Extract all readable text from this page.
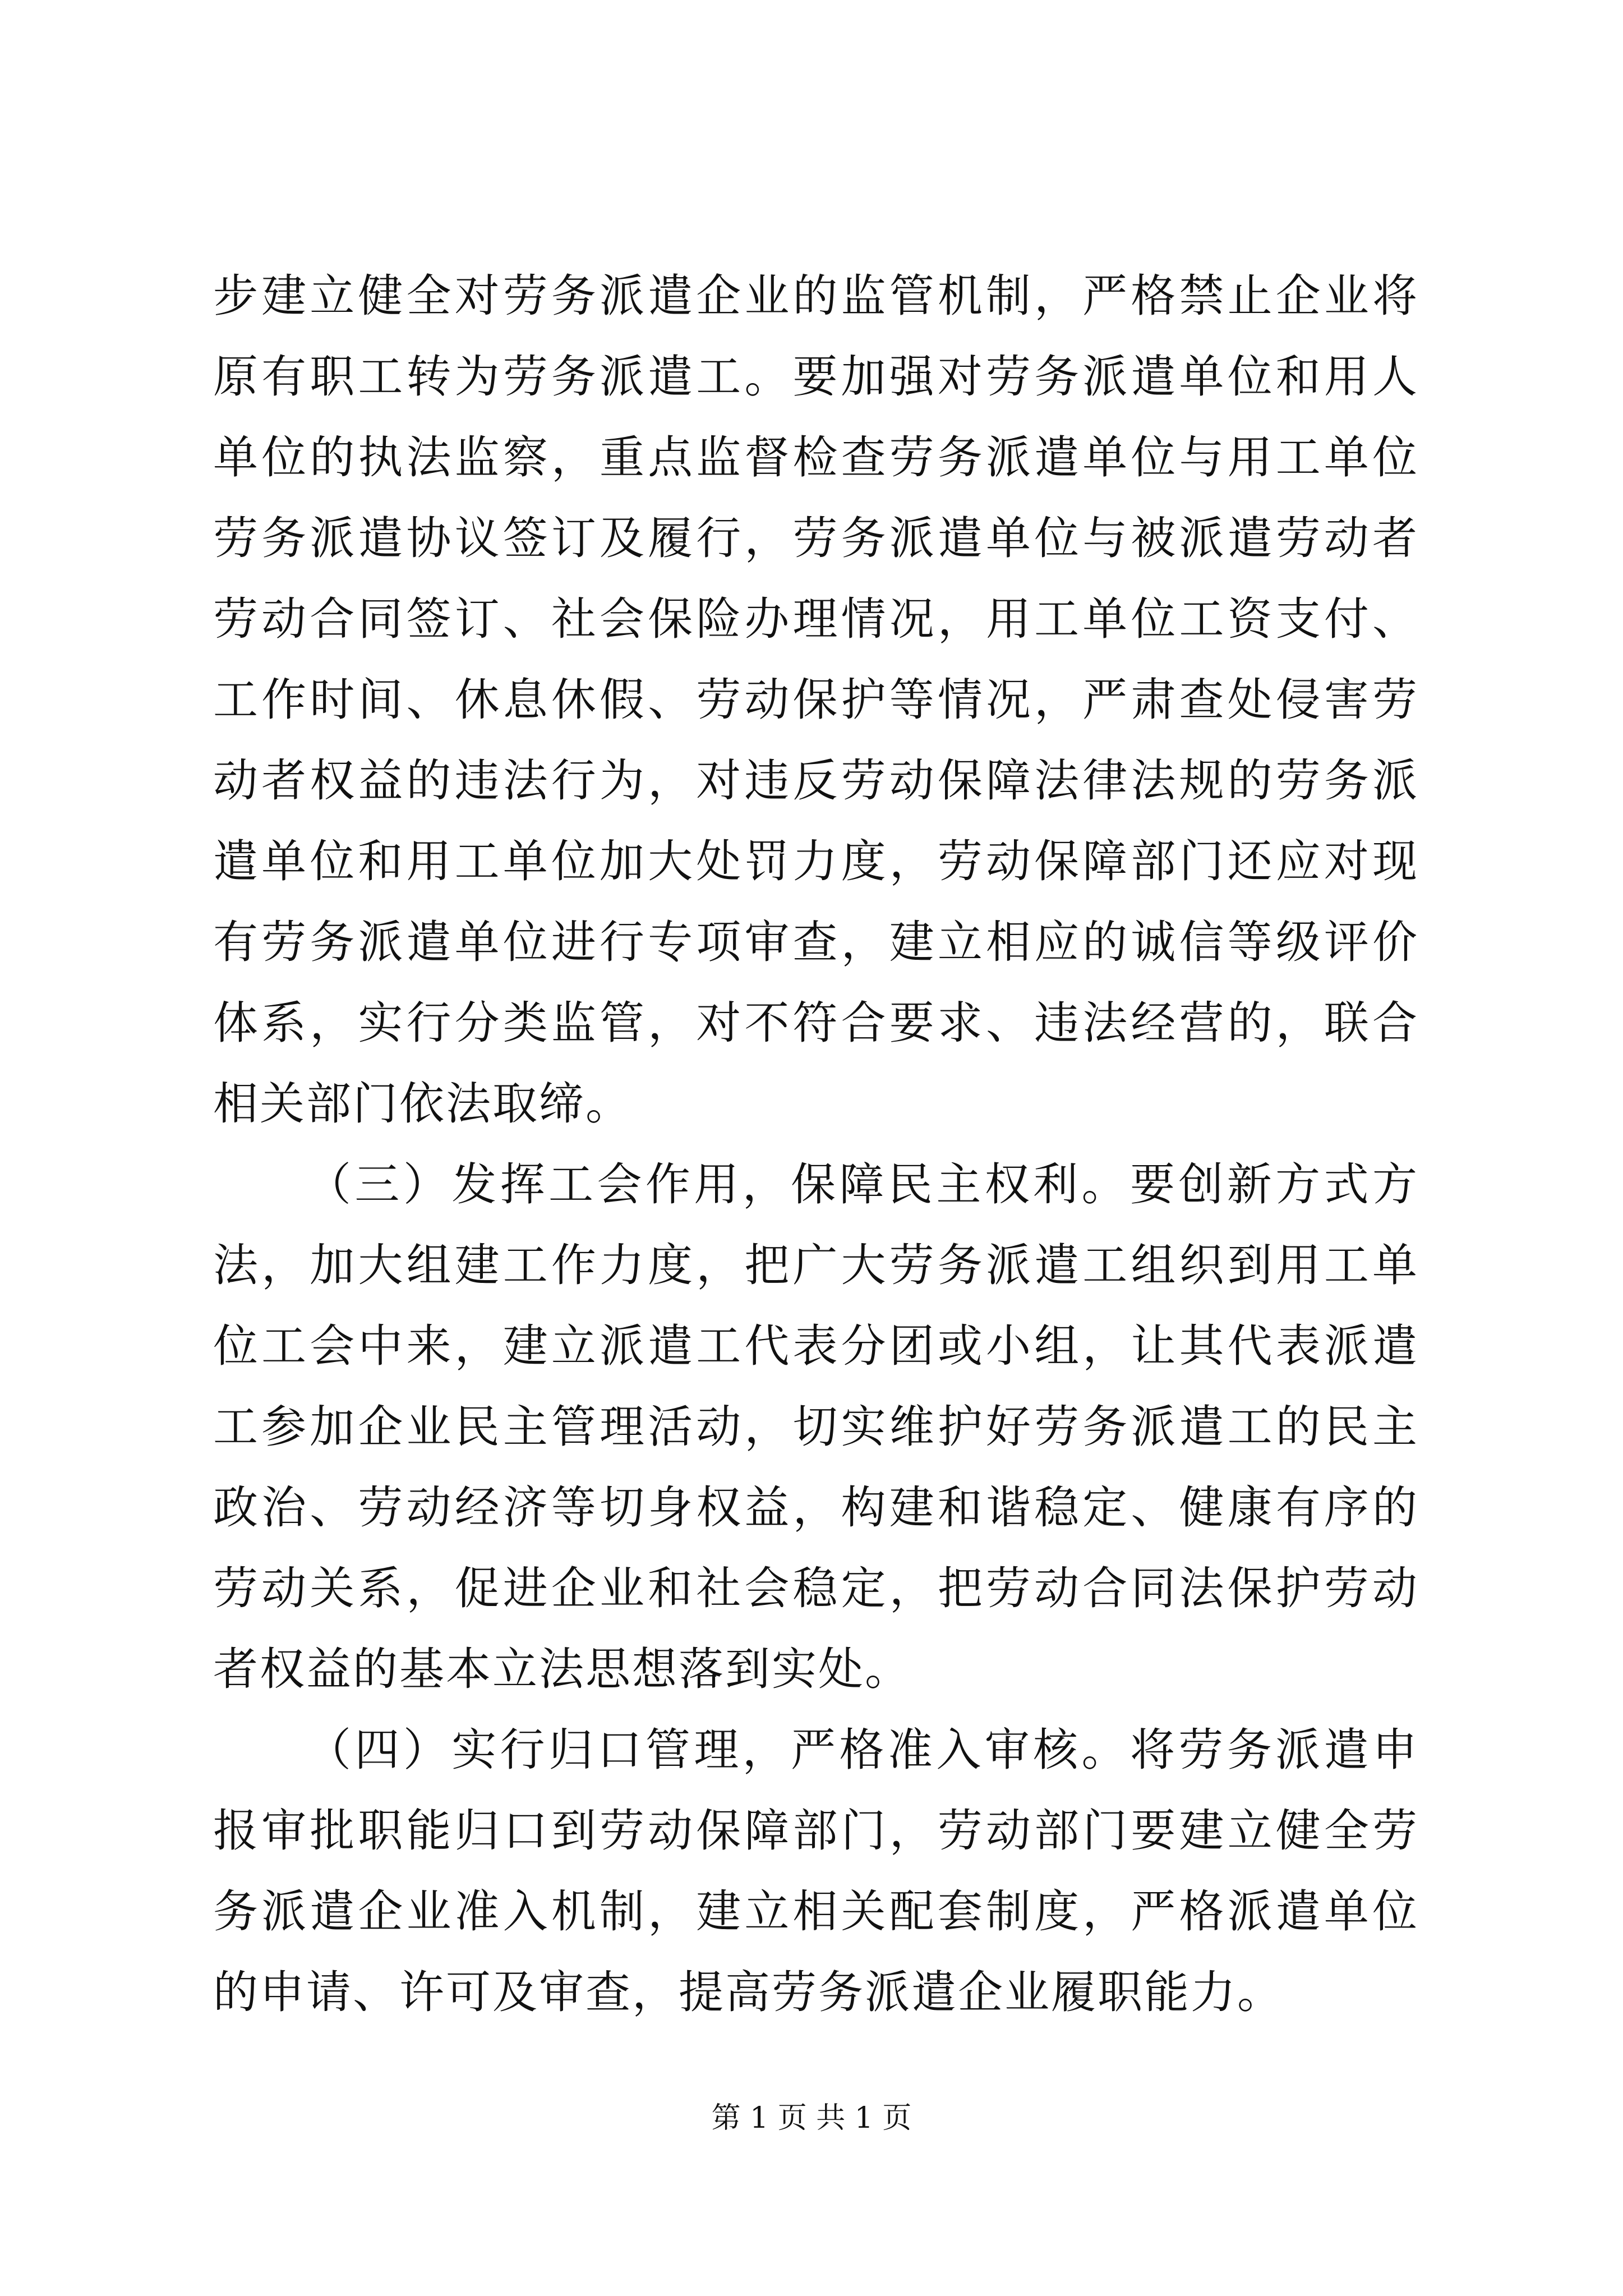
步建立健全对劳务派遣企业的监管机制，严格禁止企业将原有职工转为劳务派遣工。要加强对劳务派遣单位和用人单位的执法监察，重点监督检查劳务派遣单位与用工单位劳务派遣协议签订及履行，劳务派遣单位与被派遣劳动者劳动合同签订、社会保险办理情况，用工单位工资支付、工作时间、休息休假、劳动保护等情况，严肃查处侵害劳动者权益的违法行为，对违反劳动保障法律法规的劳务派遣单位和用工单位加大处罚力度，劳动保障部门还应对现有劳务派遣单位进行专项审查，建立相应的诚信等级评价体系，实行分类监管，对不符合要求、违法经营的，联合相关部门依法取缔。

（三）发挥工会作用，保障民主权利。要创新方式方法，加大组建工作力度，把广大劳务派遣工组织到用工单位工会中来，建立派遣工代表分团或小组，让其代表派遣工参加企业民主管理活动，切实维护好劳务派遣工的民主政治、劳动经济等切身权益，构建和谐稳定、健康有序的劳动关系，促进企业和社会稳定，把劳动合同法保护劳动者权益的基本立法思想落到实处。

（四）实行归口管理，严格准入审核。将劳务派遣申报审批职能归口到劳动保障部门，劳动部门要建立健全劳务派遣企业准入机制，建立相关配套制度，严格派遣单位的申请、许可及审查，提高劳务派遣企业履职能力。

第 1 页 共 1 页
